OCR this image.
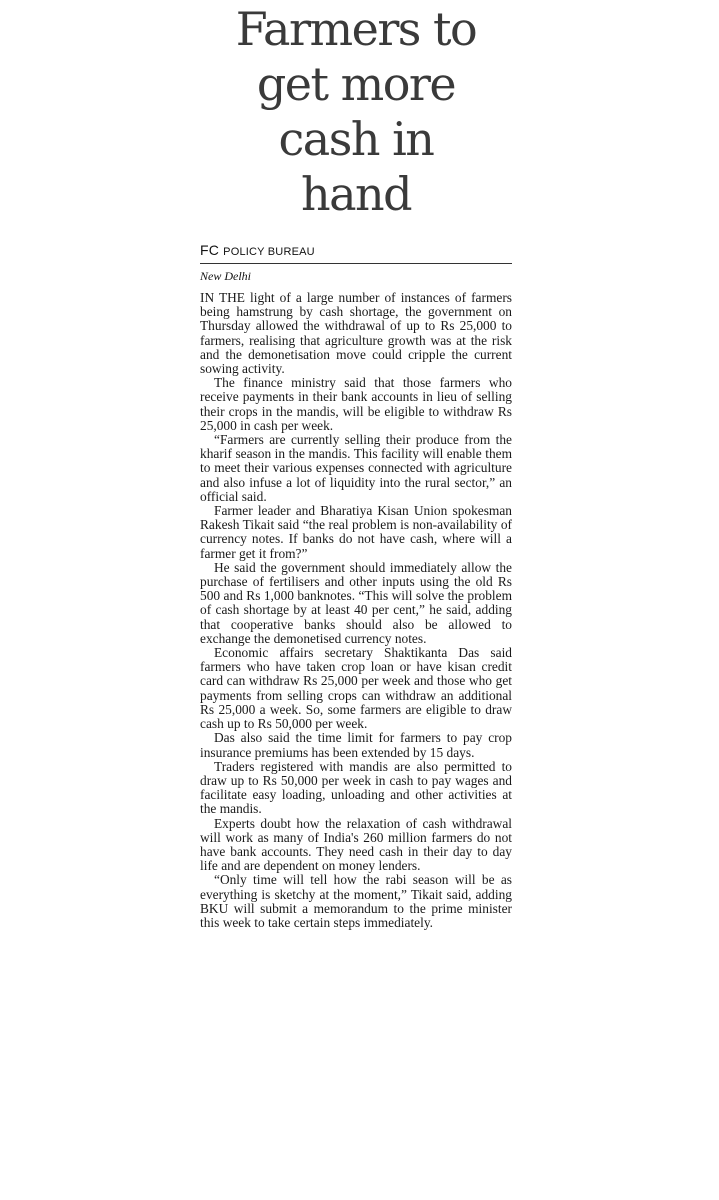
Farmers to
get more
cash in
hand
FC POLICY BUREAU
New Delhi

IN THE light of a large number of instances of farmers being hamstrung by cash shortage, the government on Thursday allowed the withdrawal of up to Rs 25,000 to farmers, realising that agriculture growth was at the risk and the demonetisation move could cripple the current sowing activity.

The finance ministry said that those farmers who receive payments in their bank accounts in lieu of selling their crops in the mandis, will be eligible to withdraw Rs 25,000 in cash per week.

“Farmers are currently selling their produce from the kharif season in the mandis. This facility will enable them to meet their various expenses connected with agriculture and also infuse a lot of liquidity into the rural sector,” an official said.

Farmer leader and Bharatiya Kisan Union spokesman Rakesh Tikait said “the real problem is non-availability of currency notes. If banks do not have cash, where will a farmer get it from?”

He said the government should immediately allow the purchase of fertilisers and other inputs using the old Rs 500 and Rs 1,000 banknotes. “This will solve the problem of cash shortage by at least 40 per cent,” he said, adding that cooperative banks should also be allowed to exchange the demonetised currency notes.

Economic affairs secretary Shaktikanta Das said farmers who have taken crop loan or have kisan credit card can withdraw Rs 25,000 per week and those who get payments from selling crops can withdraw an additional Rs 25,000 a week. So, some farmers are eligible to draw cash up to Rs 50,000 per week.

Das also said the time limit for farmers to pay crop insurance premiums has been extended by 15 days.

Traders registered with mandis are also permitted to draw up to Rs 50,000 per week in cash to pay wages and facilitate easy loading, unloading and other activities at the mandis.

Experts doubt how the relaxation of cash withdrawal will work as many of India's 260 million farmers do not have bank accounts. They need cash in their day to day life and are dependent on money lenders.

“Only time will tell how the rabi season will be as everything is sketchy at the moment,” Tikait said, adding BKU will submit a memorandum to the prime minister this week to take certain steps immediately.
